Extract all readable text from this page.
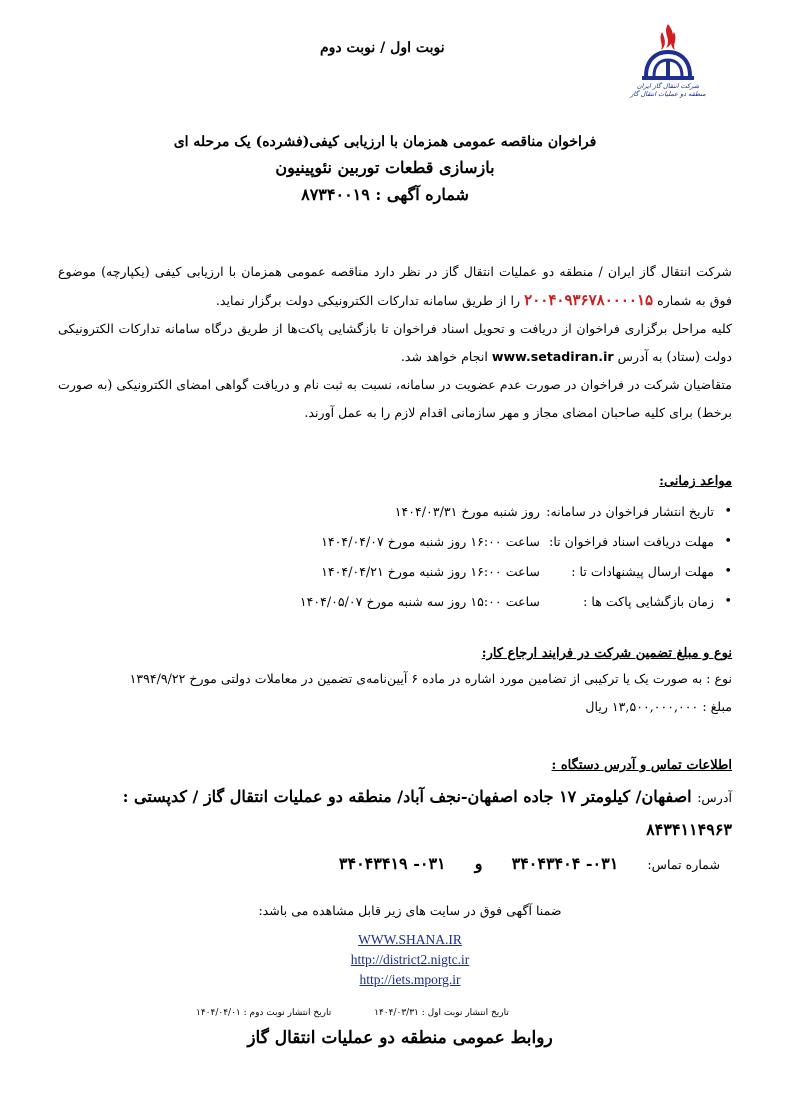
شرکت انتقال گاز ایران
منطقه دو عملیات انتقال گاز
نوبت اول / نوبت دوم
فراخوان مناقصه عمومی همزمان با ارزیابی کیفی(فشرده) یک مرحله ای
بازسازی قطعات توربین نئوپینیون
شماره آگهی : ۸۷۳۴۰۰۱۹
شرکت انتقال گاز ایران / منطقه دو عملیات انتقال گاز در نظر دارد مناقصه عمومی همزمان با ارزیابی کیفی (یکپارچه) موضوع فوق به شماره ۲۰۰۴۰۹۳۶۷۸۰۰۰۰۱۵ را از طریق سامانه تدارکات الکترونیکی دولت برگزار نماید.
کلیه مراحل برگزاری فراخوان از دریافت و تحویل اسناد فراخوان تا بازگشایی پاکت‌ها از طریق درگاه سامانه تدارکات الکترونیکی دولت (ستاد) به آدرس www.setadiran.ir انجام خواهد شد.
متقاضیان شرکت در فراخوان در صورت عدم عضویت در سامانه، نسبت به ثبت نام و دریافت گواهی امضای الکترونیکی (به صورت برخط) برای کلیه صاحبان امضای مجاز و مهر سازمانی اقدام لازم را به عمل آورند.
مواعد زمانی:
• تاریخ انتشار فراخوان در سامانه: روز شنبه مورخ ۱۴۰۴/۰۳/۳۱
• مهلت دریافت اسناد فراخوان تا: ساعت ۱۶:۰۰ روز شنبه مورخ ۱۴۰۴/۰۴/۰۷
• مهلت ارسال پیشنهادات تا : ساعت ۱۶:۰۰ روز شنبه مورخ ۱۴۰۴/۰۴/۲۱
• زمان بازگشایی پاکت ها : ساعت ۱۵:۰۰ روز سه شنبه مورخ ۱۴۰۴/۰۵/۰۷
نوع و مبلغ تضمین شرکت در فرایند ارجاع کار:
نوع : به صورت یک یا ترکیبی از تضامین مورد اشاره در ماده ۶ آیین‌نامه‌ی تضمین در معاملات دولتی مورخ ۱۳۹۴/۹/۲۲
مبلغ : ۱۳,۵۰۰,۰۰۰,۰۰۰ ریال
اطلاعات تماس و آدرس دستگاه :
آدرس: اصفهان/ کیلومتر ۱۷ جاده اصفهان-نجف آباد/ منطقه دو عملیات انتقال گاز / کدپستی : ۸۴۳۴۱۱۴۹۶۳
شماره تماس: ۰۳۱- ۳۴۰۴۳۴۰۴ و ۰۳۱- ۳۴۰۴۳۴۱۹
ضمنا آگهی فوق در سایت های زیر قابل مشاهده می باشد:
WWW.SHANA.IR
http://district2.nigtc.ir
http://iets.mporg.ir
تاریخ انتشار نوبت دوم : ۱۴۰۴/۰۴/۰۱	تاریخ انتشار نوبت اول : ۱۴۰۴/۰۳/۳۱
روابط عمومی منطقه دو عملیات انتقال گاز
